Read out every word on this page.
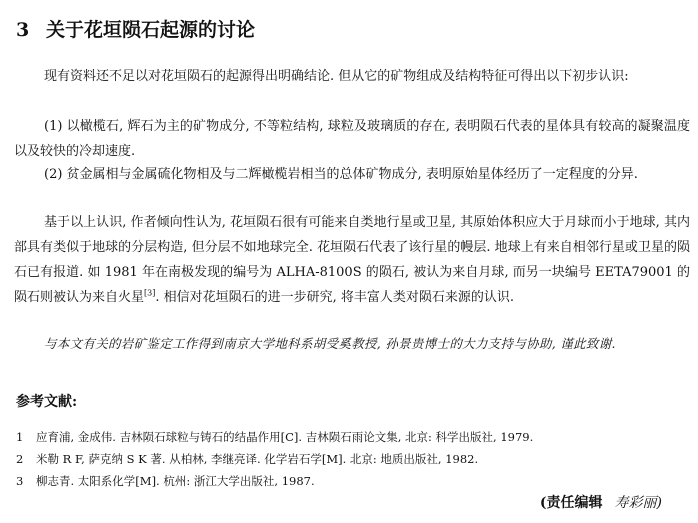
3 关于花垣陨石起源的讨论

现有资料还不足以对花垣陨石的起源得出明确结论. 但从它的矿物组成及结构特征可得出以下初步认识:

(1) 以橄榄石, 辉石为主的矿物成分, 不等粒结构, 球粒及玻璃质的存在, 表明陨石代表的星体具有较高的凝聚温度以及较快的冷却速度.

(2) 贫金属相与金属硫化物相及与二辉橄榄岩相当的总体矿物成分, 表明原始星体经历了一定程度的分异.

基于以上认识, 作者倾向性认为, 花垣陨石很有可能来自类地行星或卫星, 其原始体积应大于月球而小于地球, 其内部具有类似于地球的分层构造, 但分层不如地球完全. 花垣陨石代表了该行星的幔层. 地球上有来自相邻行星或卫星的陨石已有报道. 如 1981 年在南极发现的编号为 ALHA-8100S 的陨石, 被认为来自月球, 而另一块编号 EETA79001 的陨石则被认为来自火星[3]. 相信对花垣陨石的进一步研究, 将丰富人类对陨石来源的认识.

与本文有关的岩矿鉴定工作得到南京大学地科系胡受奚教授, 孙景贵博士的大力支持与协助, 谨此致谢.

参考文献:
1 应育浦, 金成伟. 吉林陨石球粒与铸石的结晶作用[C]. 吉林陨石雨论文集, 北京: 科学出版社, 1979.
2 米勒 R F, 萨克纳 S K 著. 从柏林, 李继亮译. 化学岩石学[M]. 北京: 地质出版社, 1982.
3 柳志青. 太阳系化学[M]. 杭州: 浙江大学出版社, 1987.
(责任编辑 寿彩丽)
